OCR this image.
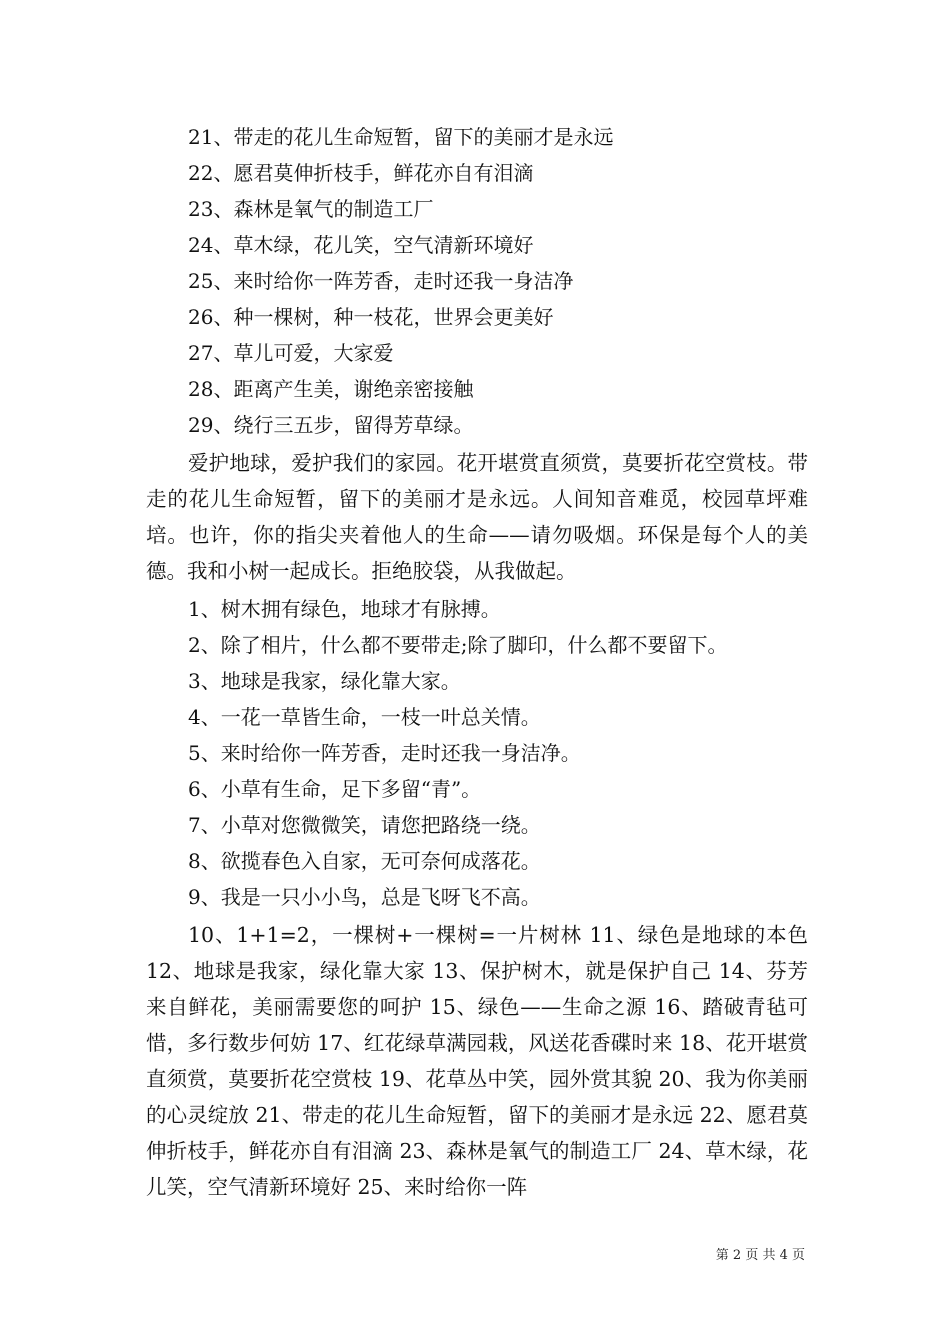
21、带走的花儿生命短暂，留下的美丽才是永远
22、愿君莫伸折枝手，鲜花亦自有泪滴
23、森林是氧气的制造工厂
24、草木绿，花儿笑，空气清新环境好
25、来时给你一阵芳香，走时还我一身洁净
26、种一棵树，种一枝花，世界会更美好
27、草儿可爱，大家爱
28、距离产生美，谢绝亲密接触
29、绕行三五步，留得芳草绿。
爱护地球，爱护我们的家园。花开堪赏直须赏，莫要折花空赏枝。带走的花儿生命短暂，留下的美丽才是永远。人间知音难觅，校园草坪难培。也许，你的指尖夹着他人的生命——请勿吸烟。环保是每个人的美德。我和小树一起成长。拒绝胶袋，从我做起。
1、树木拥有绿色，地球才有脉搏。
2、除了相片，什么都不要带走;除了脚印，什么都不要留下。
3、地球是我家，绿化靠大家。
4、一花一草皆生命，一枝一叶总关情。
5、来时给你一阵芳香，走时还我一身洁净。
6、小草有生命，足下多留“青”。
7、小草对您微微笑，请您把路绕一绕。
8、欲揽春色入自家，无可奈何成落花。
9、我是一只小小鸟，总是飞呀飞不高。
10、1+1=2，一棵树+一棵树=一片树林 11、绿色是地球的本色 12、地球是我家，绿化靠大家 13、保护树木，就是保护自己 14、芬芳来自鲜花，美丽需要您的呵护 15、绿色——生命之源 16、踏破青毡可惜，多行数步何妨 17、红花绿草满园栽，风送花香碟时来 18、花开堪赏直须赏，莫要折花空赏枝 19、花草丛中笑，园外赏其貌 20、我为你美丽的心灵绽放 21、带走的花儿生命短暂，留下的美丽才是永远 22、愿君莫伸折枝手，鲜花亦自有泪滴 23、森林是氧气的制造工厂 24、草木绿，花儿笑，空气清新环境好 25、来时给你一阵
第 2 页 共 4 页
